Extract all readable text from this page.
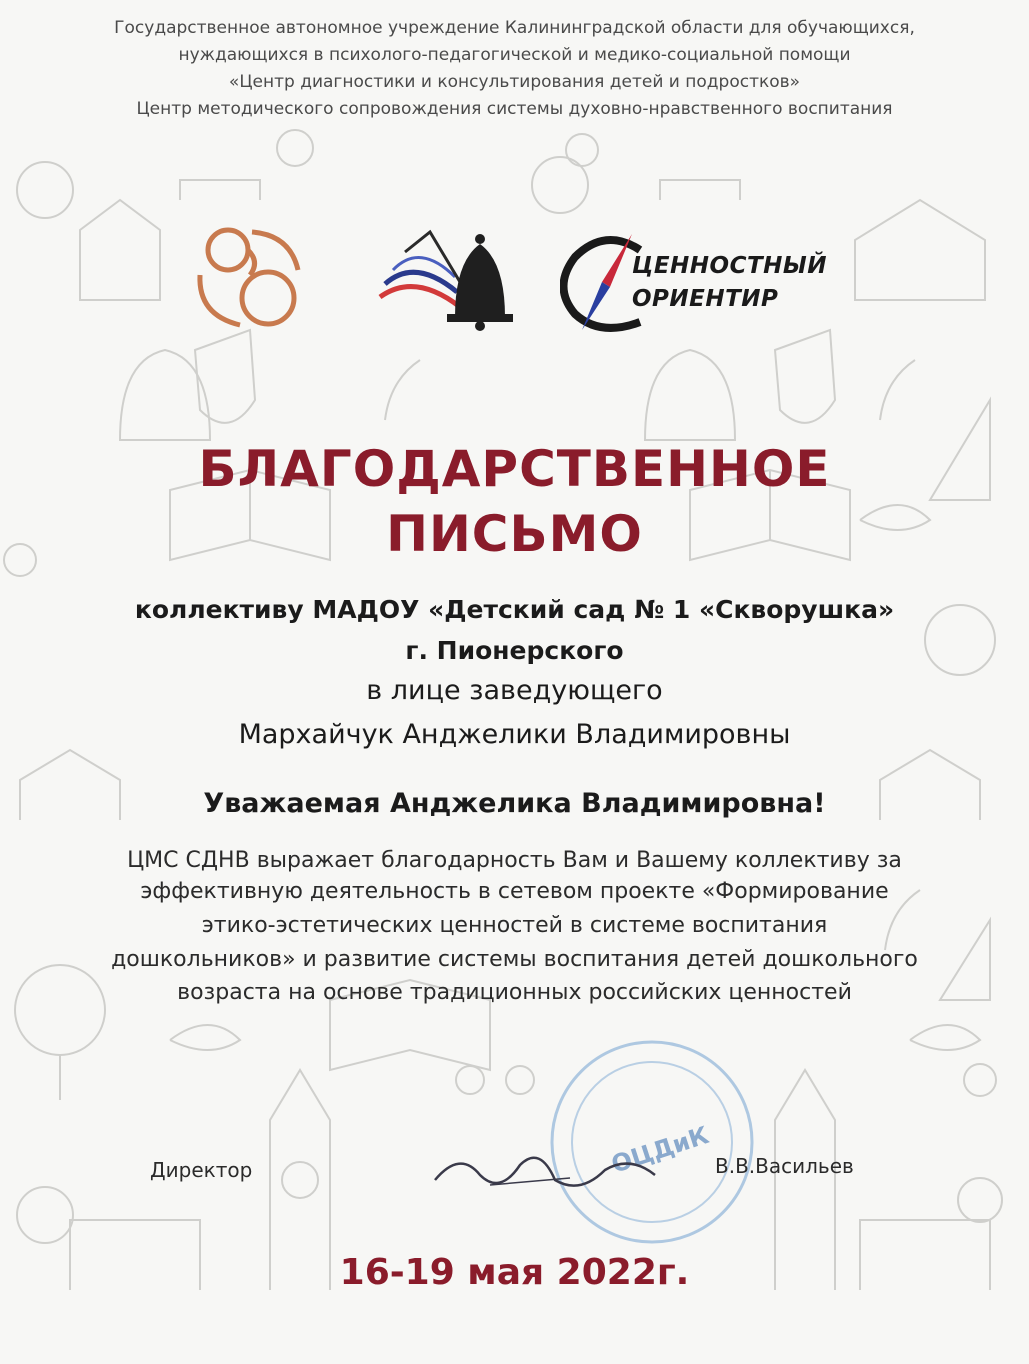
Государственное автономное учреждение Калининградской области для обучающихся,
нуждающихся в психолого-педагогической и медико-социальной помощи
«Центр диагностики и консультирования детей и подростков»
Центр методического сопровождения системы духовно-нравственного воспитания
ЦЕННОСТНЫЙ
ОРИЕНТИР
БЛАГОДАРСТВЕННОЕ
ПИСЬМО
коллективу МАДОУ «Детский сад № 1 «Скворушка»
г. Пионерского
в лице заведующего
Мархайчук Анджелики Владимировны
Уважаемая Анджелика Владимировна!
ЦМС СДНВ выражает благодарность Вам и Вашему коллективу за
эффективную деятельность в сетевом проекте «Формирование
этико-эстетических ценностей в системе воспитания
дошкольников» и развитие системы воспитания детей дошкольного
возраста на основе традиционных российских ценностей
ОЦДиК
Директор	В.В.Васильев
16-19 мая 2022г.
